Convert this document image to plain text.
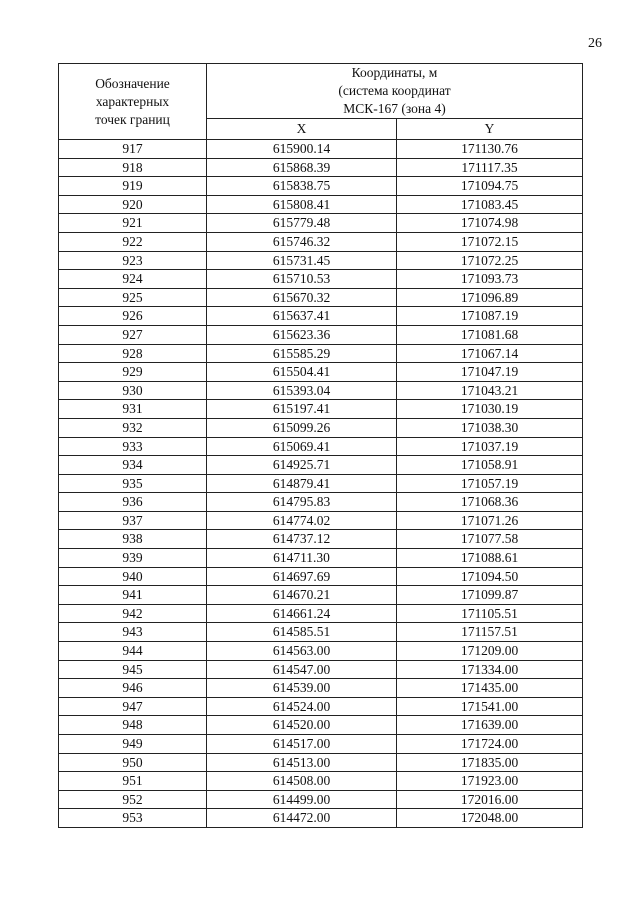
26
Обозначение
характерных
точек границ	Координаты, м
(система координат
МСК-167 (зона 4)	

	X	Y
917	615900.14	171130.76
918	615868.39	171117.35
919	615838.75	171094.75
920	615808.41	171083.45
921	615779.48	171074.98
922	615746.32	171072.15
923	615731.45	171072.25
924	615710.53	171093.73
925	615670.32	171096.89
926	615637.41	171087.19
927	615623.36	171081.68
928	615585.29	171067.14
929	615504.41	171047.19
930	615393.04	171043.21
931	615197.41	171030.19
932	615099.26	171038.30
933	615069.41	171037.19
934	614925.71	171058.91
935	614879.41	171057.19
936	614795.83	171068.36
937	614774.02	171071.26
938	614737.12	171077.58
939	614711.30	171088.61
940	614697.69	171094.50
941	614670.21	171099.87
942	614661.24	171105.51
943	614585.51	171157.51
944	614563.00	171209.00
945	614547.00	171334.00
946	614539.00	171435.00
947	614524.00	171541.00
948	614520.00	171639.00
949	614517.00	171724.00
950	614513.00	171835.00
951	614508.00	171923.00
952	614499.00	172016.00
953	614472.00	172048.00
